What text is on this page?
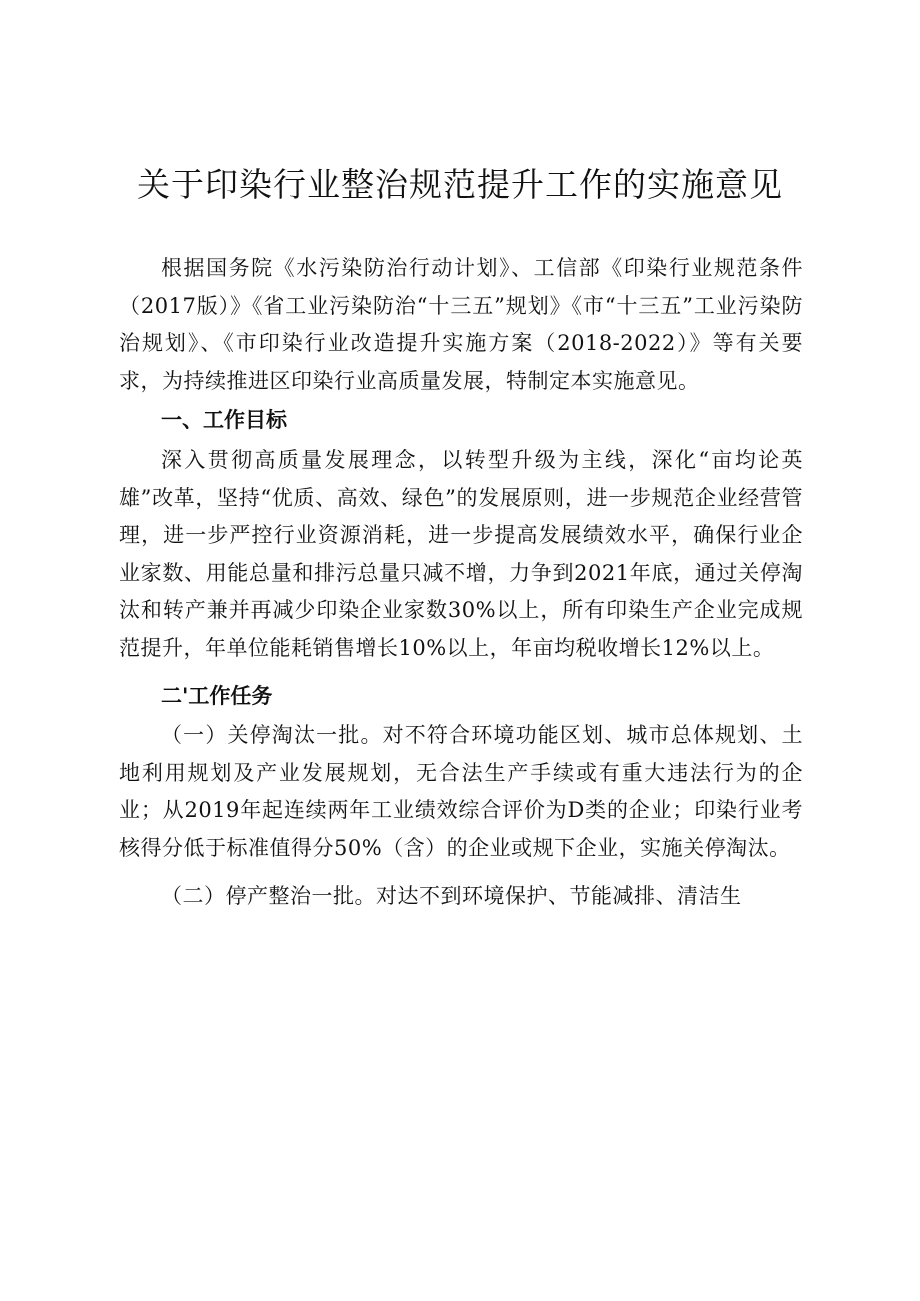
关于印染行业整治规范提升工作的实施意见

根据国务院《水污染防治行动计划》、工信部《印染行业规范条件（2017版）》《省工业污染防治“十三五”规划》《市“十三五”工业污染防治规划》、《市印染行业改造提升实施方案（2018-2022）》等有关要求，为持续推进区印染行业高质量发展，特制定本实施意见。

一、工作目标

深入贯彻高质量发展理念，以转型升级为主线，深化“亩均论英雄”改革，坚持“优质、高效、绿色”的发展原则，进一步规范企业经营管理，进一步严控行业资源消耗，进一步提高发展绩效水平，确保行业企业家数、用能总量和排污总量只减不增，力争到2021年底，通过关停淘汰和转产兼并再减少印染企业家数30%以上，所有印染生产企业完成规范提升，年单位能耗销售增长10%以上，年亩均税收增长12%以上。

二'工作任务

（一）关停淘汰一批。对不符合环境功能区划、城市总体规划、土地利用规划及产业发展规划，无合法生产手续或有重大违法行为的企业；从2019年起连续两年工业绩效综合评价为D类的企业；印染行业考核得分低于标准值得分50%（含）的企业或规下企业，实施关停淘汰。

（二）停产整治一批。对达不到环境保护、节能减排、清洁生
